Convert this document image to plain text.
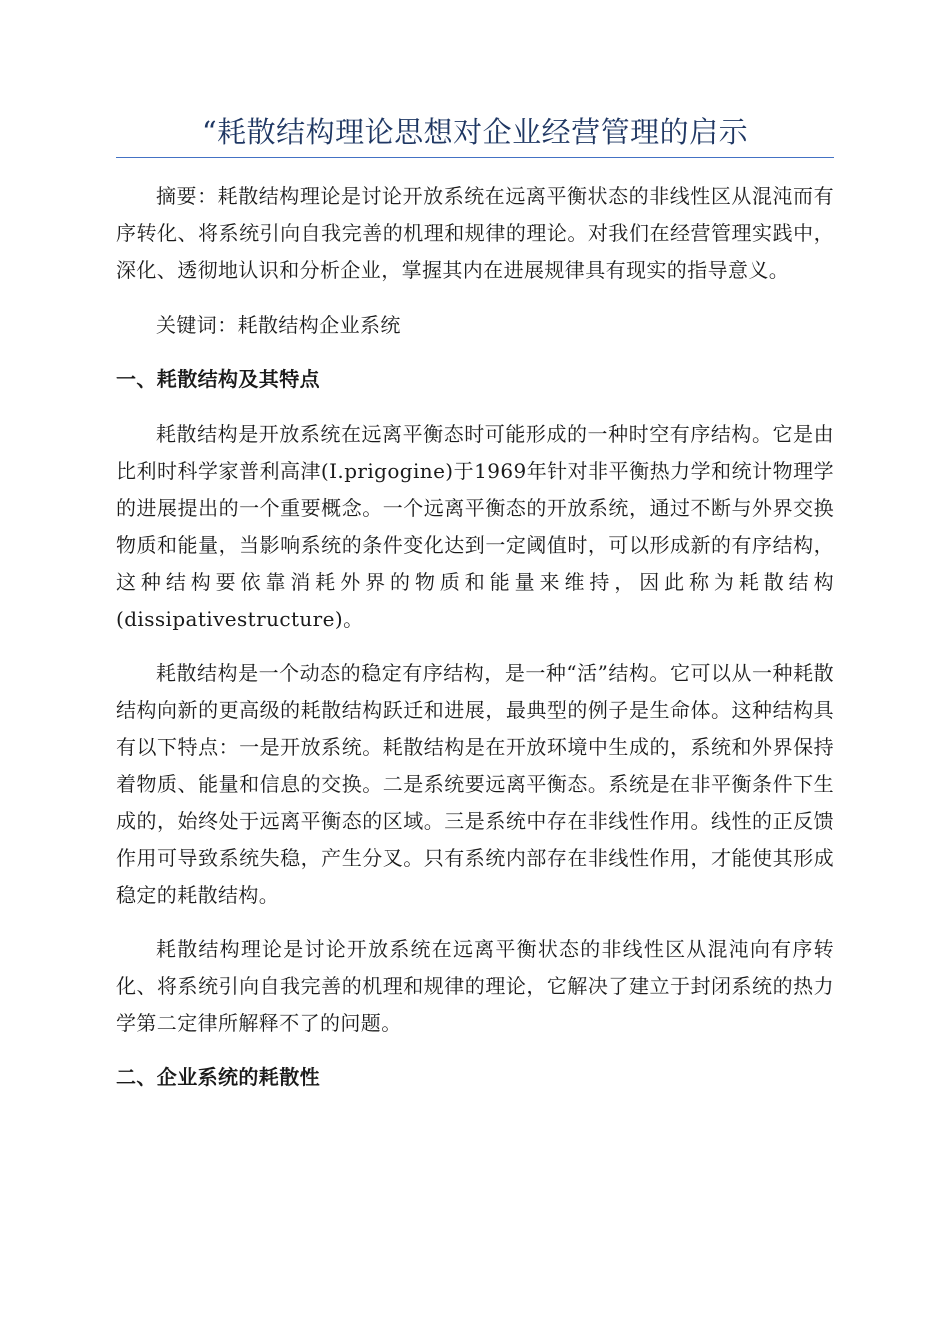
“耗散结构理论思想对企业经营管理的启示

摘要：耗散结构理论是讨论开放系统在远离平衡状态的非线性区从混沌而有序转化、将系统引向自我完善的机理和规律的理论。对我们在经营管理实践中，深化、透彻地认识和分析企业，掌握其内在进展规律具有现实的指导意义。

关键词：耗散结构企业系统

一、耗散结构及其特点

耗散结构是开放系统在远离平衡态时可能形成的一种时空有序结构。它是由比利时科学家普利高津(I.prigogine)于1969年针对非平衡热力学和统计物理学的进展提出的一个重要概念。一个远离平衡态的开放系统，通过不断与外界交换物质和能量，当影响系统的条件变化达到一定阈值时，可以形成新的有序结构，这种结构要依靠消耗外界的物质和能量来维持，因此称为耗散结构(dissipativestructure)。

耗散结构是一个动态的稳定有序结构，是一种“活”结构。它可以从一种耗散结构向新的更高级的耗散结构跃迁和进展，最典型的例子是生命体。这种结构具有以下特点：一是开放系统。耗散结构是在开放环境中生成的，系统和外界保持着物质、能量和信息的交换。二是系统要远离平衡态。系统是在非平衡条件下生成的，始终处于远离平衡态的区域。三是系统中存在非线性作用。线性的正反馈作用可导致系统失稳，产生分叉。只有系统内部存在非线性作用，才能使其形成稳定的耗散结构。

耗散结构理论是讨论开放系统在远离平衡状态的非线性区从混沌向有序转化、将系统引向自我完善的机理和规律的理论，它解决了建立于封闭系统的热力学第二定律所解释不了的问题。

二、企业系统的耗散性
